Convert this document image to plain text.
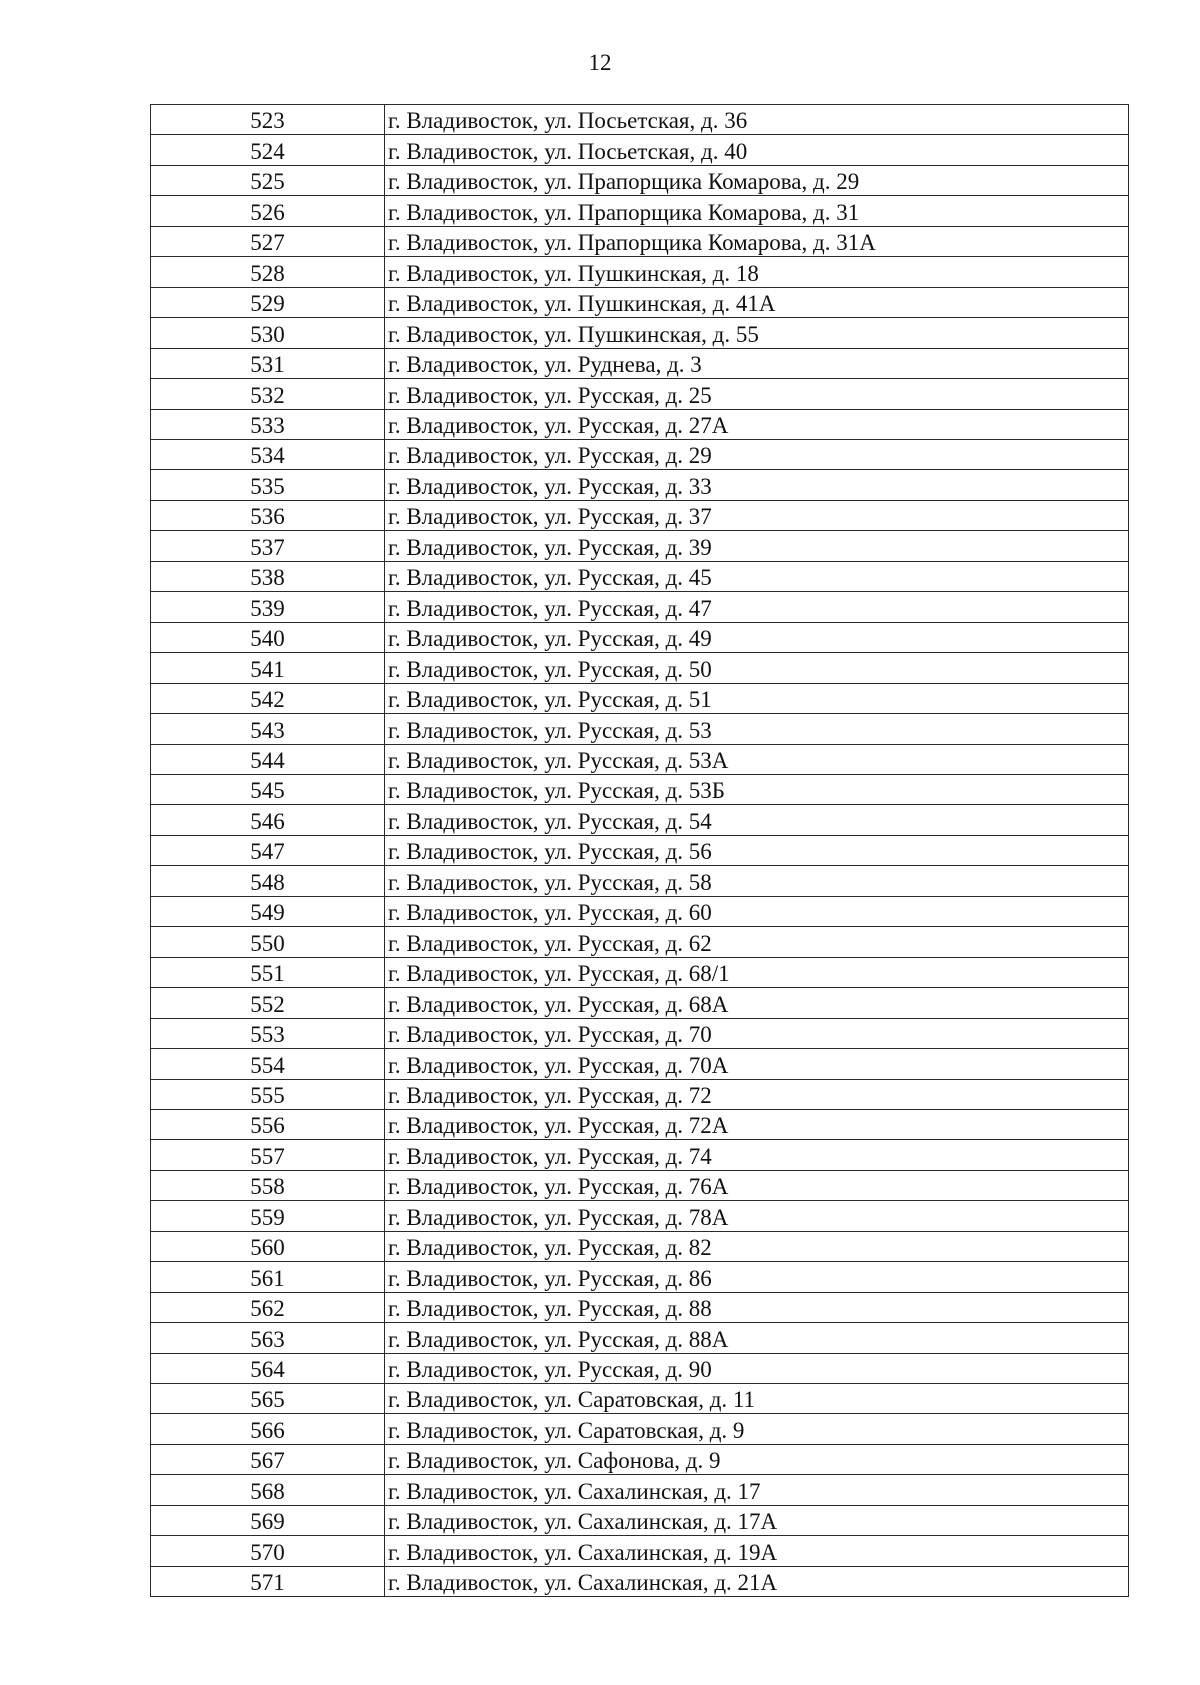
12
523	г. Владивосток, ул. Посьетская, д. 36
524	г. Владивосток, ул. Посьетская, д. 40
525	г. Владивосток, ул. Прапорщика Комарова, д. 29
526	г. Владивосток, ул. Прапорщика Комарова, д. 31
527	г. Владивосток, ул. Прапорщика Комарова, д. 31А
528	г. Владивосток, ул. Пушкинская, д. 18
529	г. Владивосток, ул. Пушкинская, д. 41А
530	г. Владивосток, ул. Пушкинская, д. 55
531	г. Владивосток, ул. Руднева, д. 3
532	г. Владивосток, ул. Русская, д. 25
533	г. Владивосток, ул. Русская, д. 27А
534	г. Владивосток, ул. Русская, д. 29
535	г. Владивосток, ул. Русская, д. 33
536	г. Владивосток, ул. Русская, д. 37
537	г. Владивосток, ул. Русская, д. 39
538	г. Владивосток, ул. Русская, д. 45
539	г. Владивосток, ул. Русская, д. 47
540	г. Владивосток, ул. Русская, д. 49
541	г. Владивосток, ул. Русская, д. 50
542	г. Владивосток, ул. Русская, д. 51
543	г. Владивосток, ул. Русская, д. 53
544	г. Владивосток, ул. Русская, д. 53А
545	г. Владивосток, ул. Русская, д. 53Б
546	г. Владивосток, ул. Русская, д. 54
547	г. Владивосток, ул. Русская, д. 56
548	г. Владивосток, ул. Русская, д. 58
549	г. Владивосток, ул. Русская, д. 60
550	г. Владивосток, ул. Русская, д. 62
551	г. Владивосток, ул. Русская, д. 68/1
552	г. Владивосток, ул. Русская, д. 68А
553	г. Владивосток, ул. Русская, д. 70
554	г. Владивосток, ул. Русская, д. 70А
555	г. Владивосток, ул. Русская, д. 72
556	г. Владивосток, ул. Русская, д. 72А
557	г. Владивосток, ул. Русская, д. 74
558	г. Владивосток, ул. Русская, д. 76А
559	г. Владивосток, ул. Русская, д. 78А
560	г. Владивосток, ул. Русская, д. 82
561	г. Владивосток, ул. Русская, д. 86
562	г. Владивосток, ул. Русская, д. 88
563	г. Владивосток, ул. Русская, д. 88А
564	г. Владивосток, ул. Русская, д. 90
565	г. Владивосток, ул. Саратовская, д. 11
566	г. Владивосток, ул. Саратовская, д. 9
567	г. Владивосток, ул. Сафонова, д. 9
568	г. Владивосток, ул. Сахалинская, д. 17
569	г. Владивосток, ул. Сахалинская, д. 17А
570	г. Владивосток, ул. Сахалинская, д. 19А
571	г. Владивосток, ул. Сахалинская, д. 21А
